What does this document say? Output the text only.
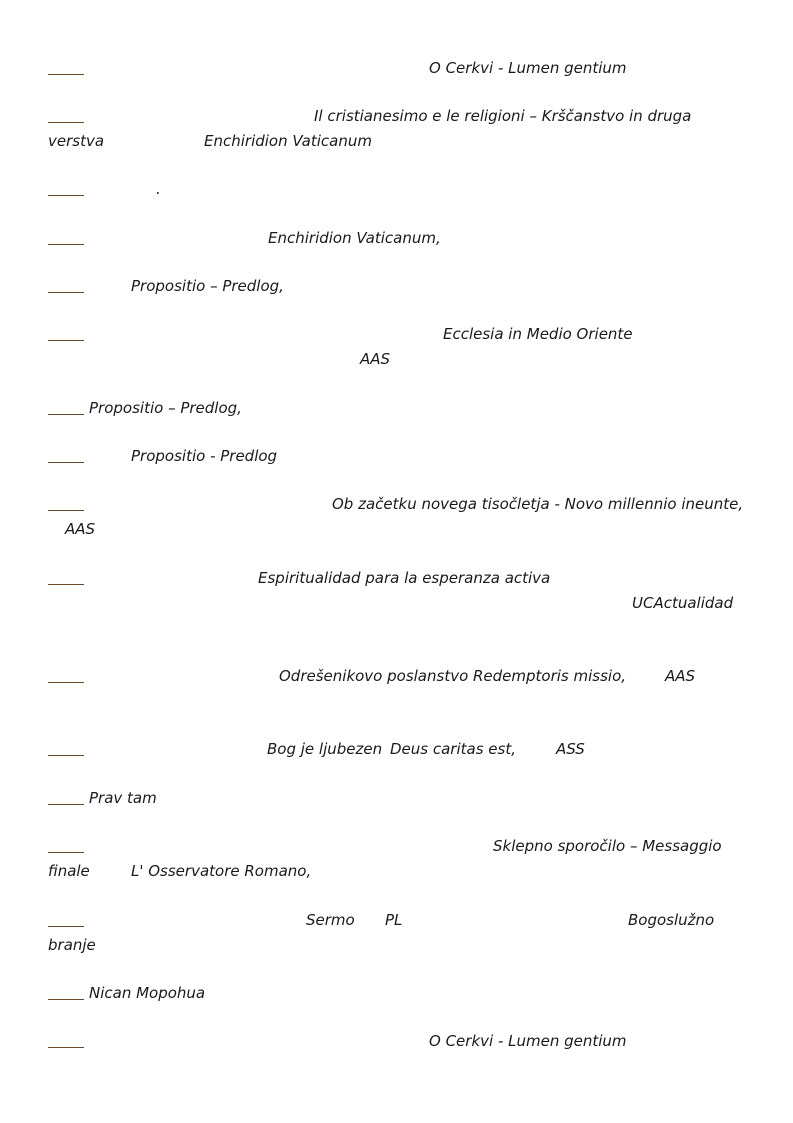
O Cerkvi - Lumen gentium
Il cristianesimo e le religioni – Krščanstvo in druga
verstva	Enchiridion Vaticanum
.
Enchiridion Vaticanum,
Propositio – Predlog,
Ecclesia in Medio Oriente
AAS
Propositio – Predlog,
Propositio - Predlog
Ob začetku novega tisočletja - Novo millennio ineunte,
AAS
Espiritualidad para la esperanza activa
UCActualidad
Odrešenikovo poslanstvo Redemptoris missio,	AAS
Bog je ljubezen Deus caritas est,	ASS
Prav tam
Sklepno sporočilo – Messaggio
finale	L' Osservatore Romano,
Sermo PL	Bogoslužno
branje
Nican Mopohua
O Cerkvi - Lumen gentium
